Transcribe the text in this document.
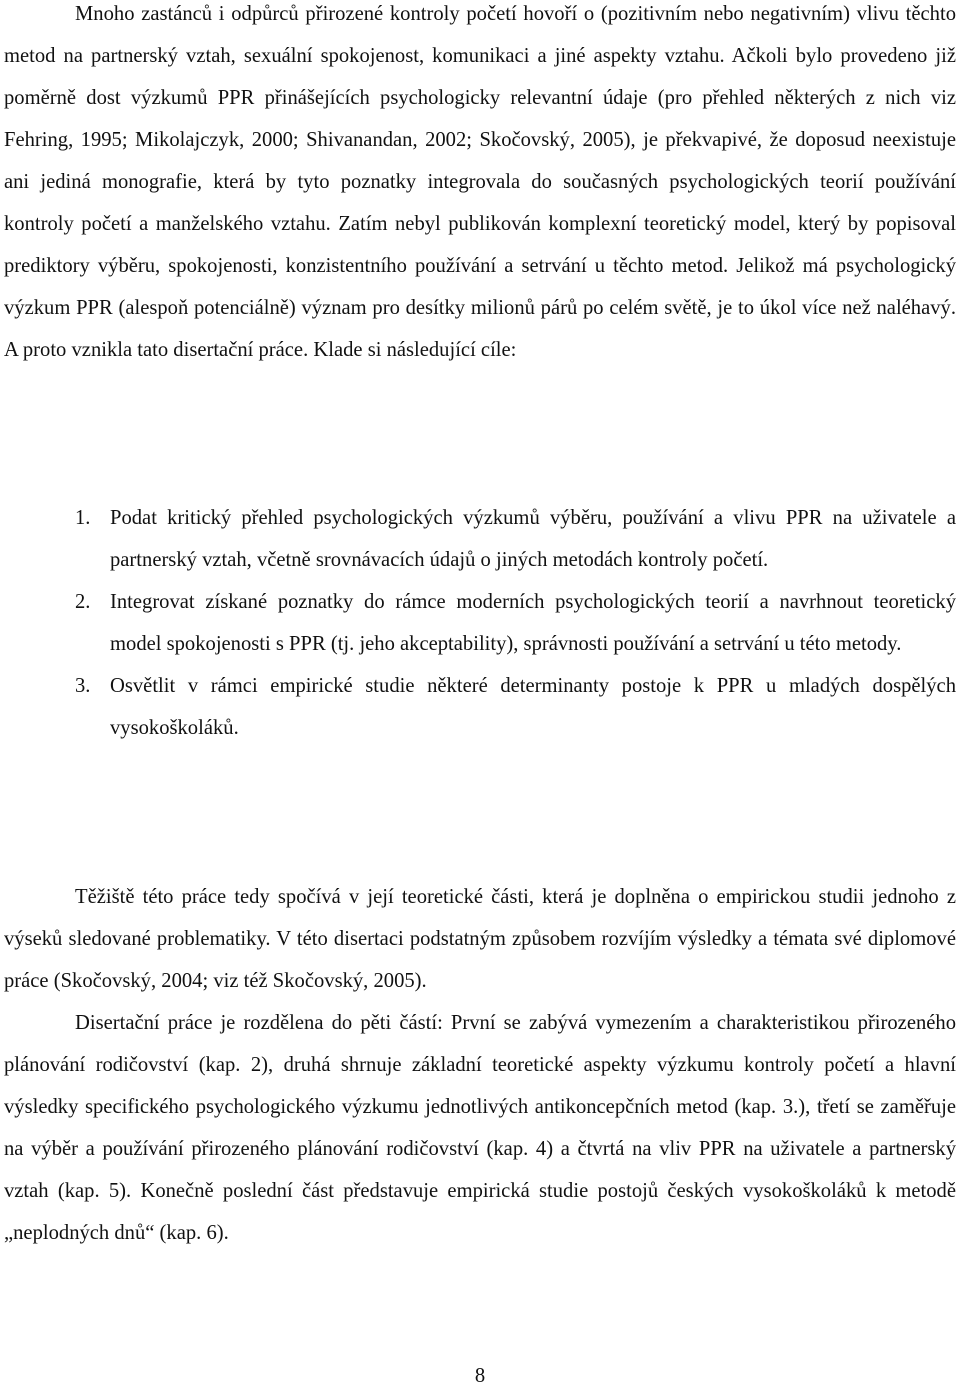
Mnoho zastánců i odpůrců přirozené kontroly početí hovoří o (pozitivním nebo negativním) vlivu těchto metod na partnerský vztah, sexuální spokojenost, komunikaci a jiné aspekty vztahu. Ačkoli bylo provedeno již poměrně dost výzkumů PPR přinášejících psychologicky relevantní údaje (pro přehled některých z nich viz Fehring, 1995; Mikolajczyk, 2000; Shivanandan, 2002; Skočovský, 2005), je překvapivé, že doposud neexistuje ani jediná monografie, která by tyto poznatky integrovala do současných psychologických teorií používání kontroly početí a manželského vztahu. Zatím nebyl publikován komplexní teoretický model, který by popisoval prediktory výběru, spokojenosti, konzistentního používání a setrvání u těchto metod. Jelikož má psychologický výzkum PPR (alespoň potenciálně) význam pro desítky milionů párů po celém světě, je to úkol více než naléhavý. A proto vznikla tato disertační práce. Klade si následující cíle:

1. Podat kritický přehled psychologických výzkumů výběru, používání a vlivu PPR na uživatele a partnerský vztah, včetně srovnávacích údajů o jiných metodách kontroly početí.
2. Integrovat získané poznatky do rámce moderních psychologických teorií a navrhnout teoretický model spokojenosti s PPR (tj. jeho akceptability), správnosti používání a setrvání u této metody.
3. Osvětlit v rámci empirické studie některé determinanty postoje k PPR u mladých dospělých vysokoškoláků.

Těžiště této práce tedy spočívá v její teoretické části, která je doplněna o empirickou studii jednoho z výseků sledované problematiky. V této disertaci podstatným způsobem rozvíjím výsledky a témata své diplomové práce (Skočovský, 2004; viz též Skočovský, 2005).

Disertační práce je rozdělena do pěti částí: První se zabývá vymezením a charakteristikou přirozeného plánování rodičovství (kap. 2), druhá shrnuje základní teoretické aspekty výzkumu kontroly početí a hlavní výsledky specifického psychologického výzkumu jednotlivých antikoncepčních metod (kap. 3.), třetí se zaměřuje na výběr a používání přirozeného plánování rodičovství (kap. 4) a čtvrtá na vliv PPR na uživatele a partnerský vztah (kap. 5). Konečně poslední část představuje empirická studie postojů českých vysokoškoláků k metodě „neplodných dnů“ (kap. 6).

8
